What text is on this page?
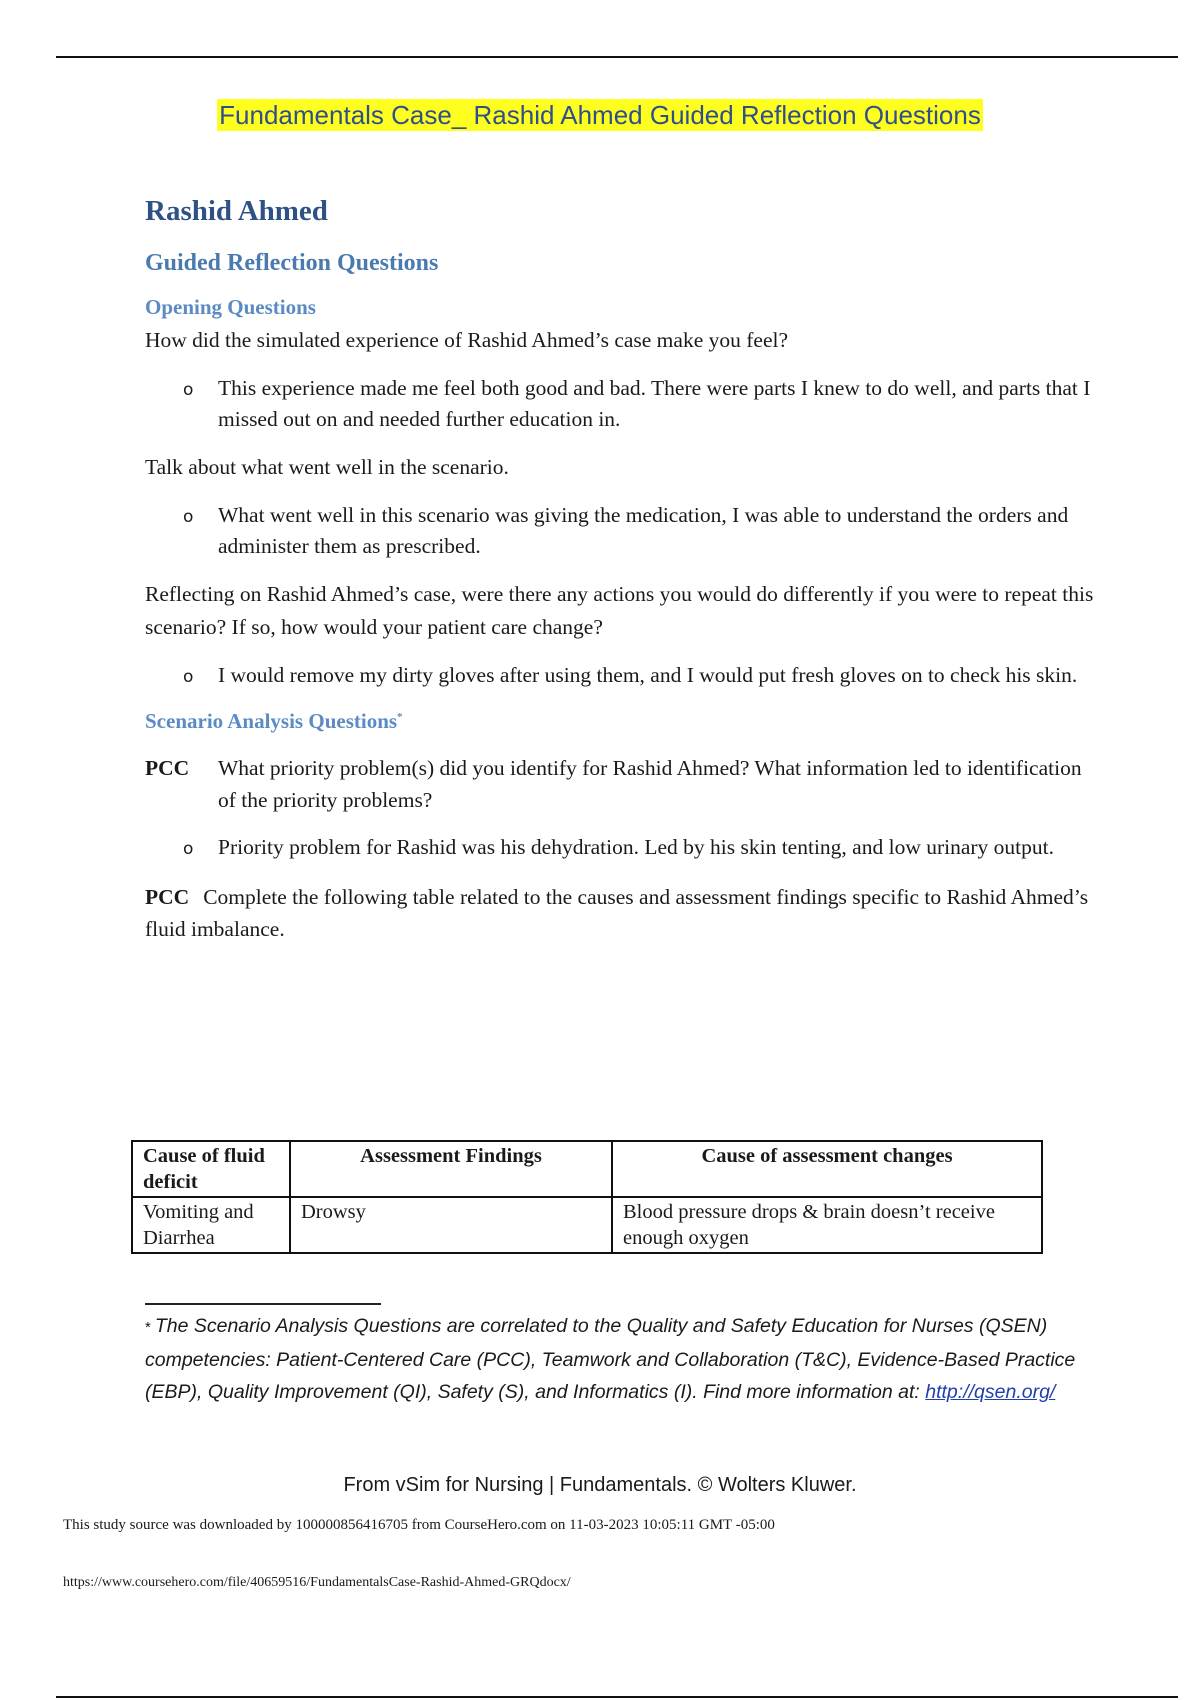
Fundamentals Case_ Rashid Ahmed Guided Reflection Questions
Rashid Ahmed
Guided Reflection Questions
Opening Questions

How did the simulated experience of Rashid Ahmed’s case make you feel?

o This experience made me feel both good and bad. There were parts I knew to do well, and parts that I missed out on and needed further education in.

Talk about what went well in the scenario.

o What went well in this scenario was giving the medication, I was able to understand the orders and administer them as prescribed.

Reflecting on Rashid Ahmed’s case, were there any actions you would do differently if you were to repeat this scenario? If so, how would your patient care change?

o I would remove my dirty gloves after using them, and I would put fresh gloves on to check his skin.
Scenario Analysis Questions*
PCC What priority problem(s) did you identify for Rashid Ahmed? What information led to identification of the priority problems?
o Priority problem for Rashid was his dehydration. Led by his skin tenting, and low urinary output.
PCC Complete the following table related to the causes and assessment findings specific to Rashid Ahmed’s fluid imbalance.
Cause of fluid deficit	Assessment Findings	Cause of assessment changes
Vomiting and Diarrhea	Drowsy	Blood pressure drops & brain doesn’t receive enough oxygen
* The Scenario Analysis Questions are correlated to the Quality and Safety Education for Nurses (QSEN) competencies: Patient-Centered Care (PCC), Teamwork and Collaboration (T&C), Evidence-Based Practice (EBP), Quality Improvement (QI), Safety (S), and Informatics (I). Find more information at: http://qsen.org/
From vSim for Nursing | Fundamentals. © Wolters Kluwer.
This study source was downloaded by 100000856416705 from CourseHero.com on 11-03-2023 10:05:11 GMT -05:00
https://www.coursehero.com/file/40659516/FundamentalsCase-Rashid-Ahmed-GRQdocx/
